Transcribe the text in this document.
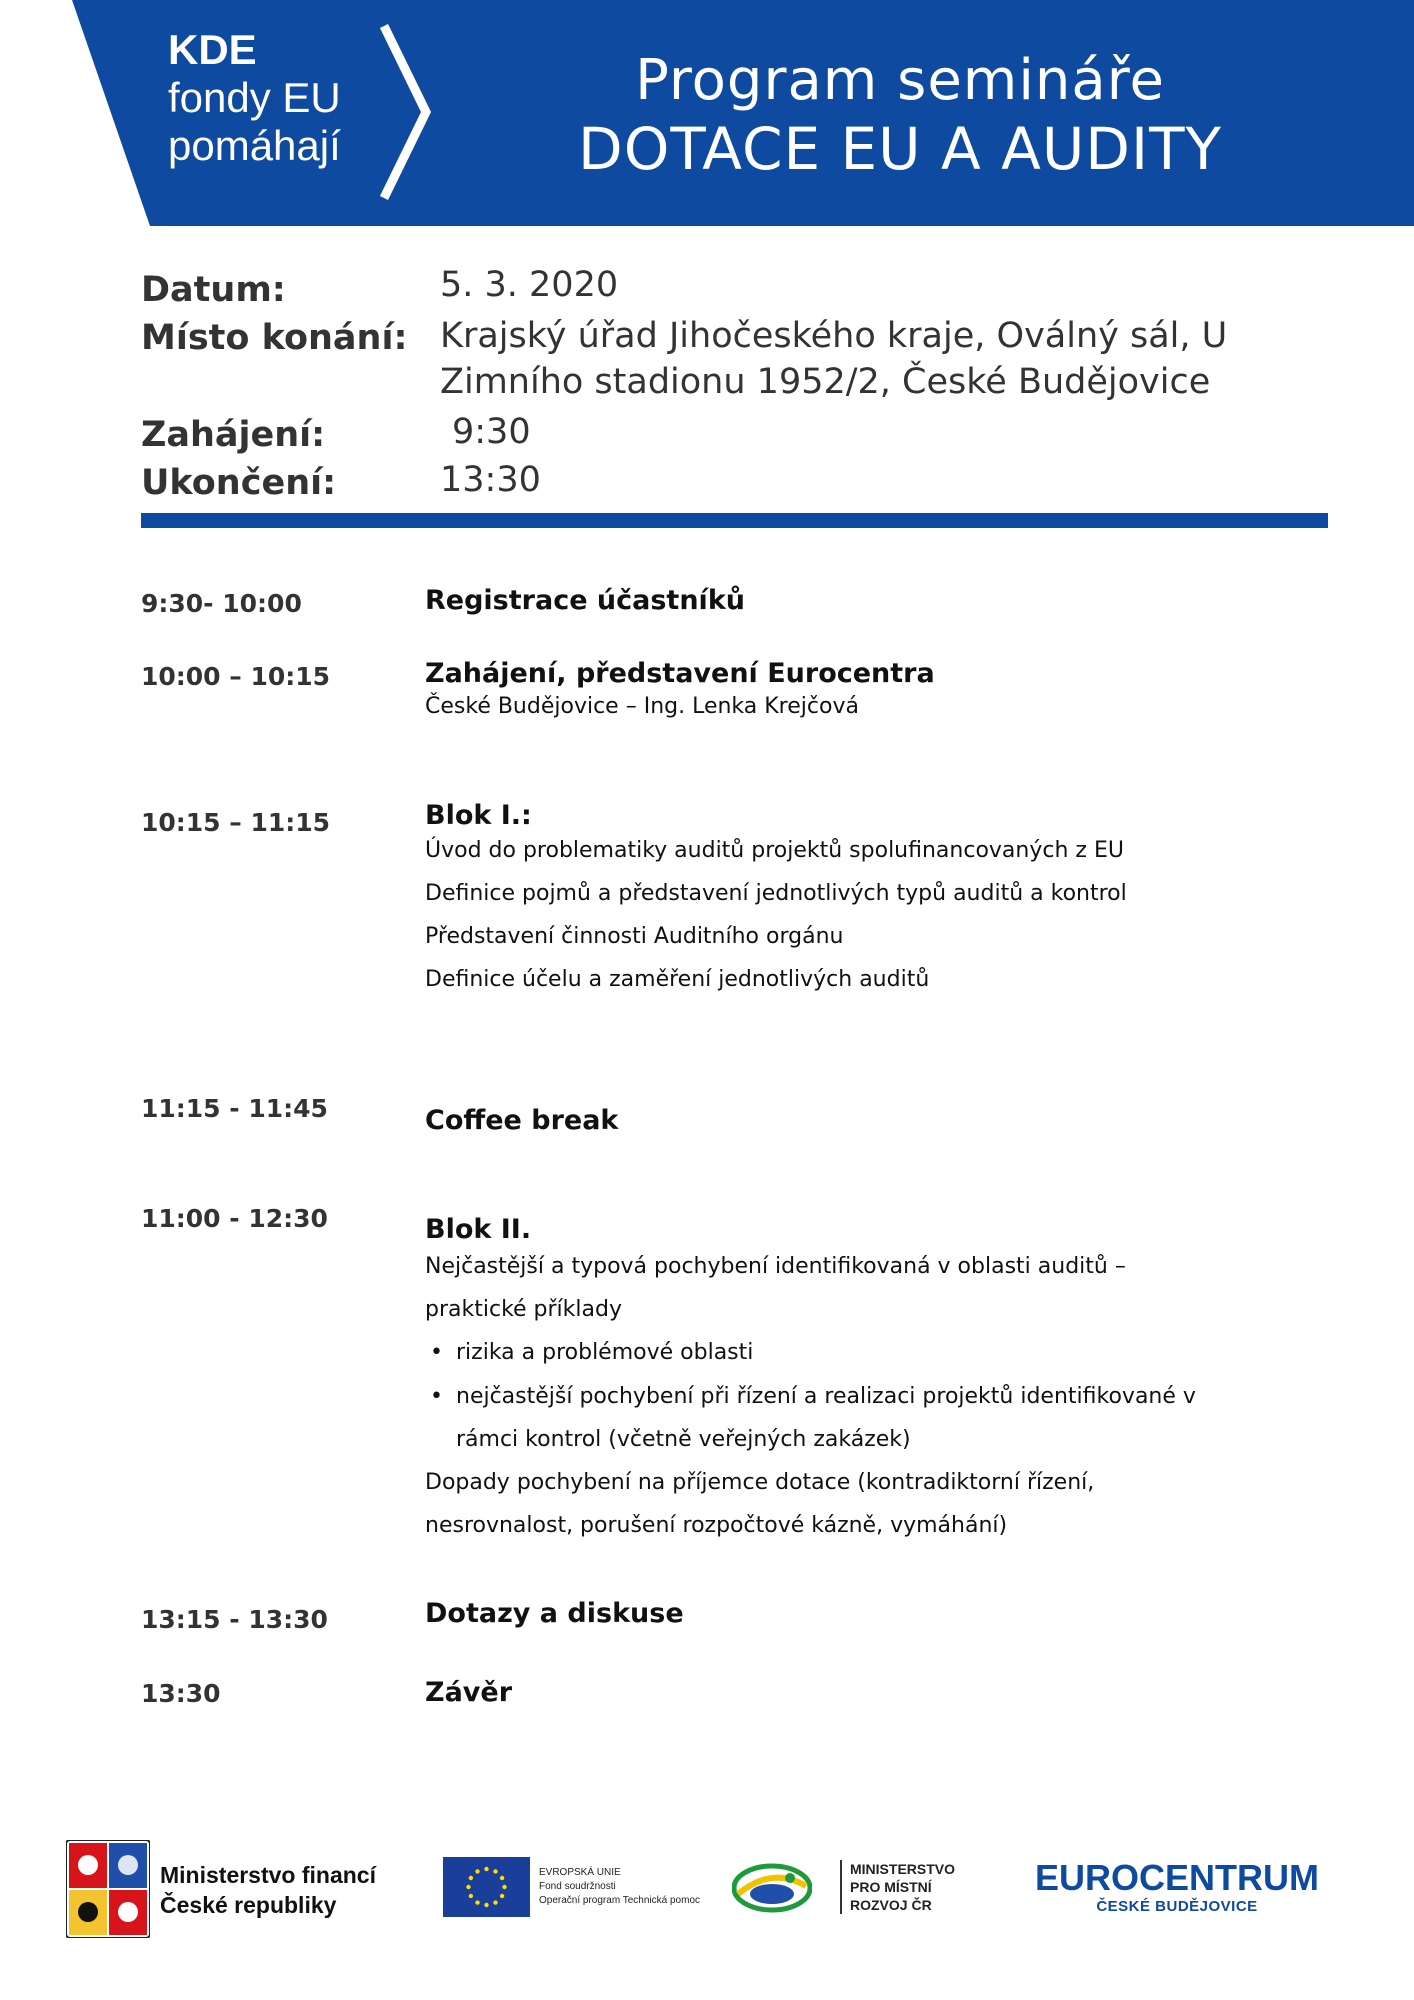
KDE
fondy EU
pomáhají
Program semináře
DOTACE EU A AUDITY
Datum:	5. 3. 2020
Místo konání: Krajský úřad Jihočeského kraje, Oválný sál, U
Zimního stadionu 1952/2, České Budějovice
Zahájení:	9:30
Ukončení:	13:30
9:30- 10:00	Registrace účastníků
10:00 – 10:15	Zahájení, představení Eurocentra
České Budějovice – Ing. Lenka Krejčová
10:15 – 11:15	Blok I.:
Úvod do problematiky auditů projektů spolufinancovaných z EU
Definice pojmů a představení jednotlivých typů auditů a kontrol
Představení činnosti Auditního orgánu
Definice účelu a zaměření jednotlivých auditů
11:15 - 11:45	Coffee break
11:00 - 12:30	Blok II.
Nejčastější a typová pochybení identifikovaná v oblasti auditů –
praktické příklady
• rizika a problémové oblasti
• nejčastější pochybení při řízení a realizaci projektů identifikované v
rámci kontrol (včetně veřejných zakázek)
Dopady pochybení na příjemce dotace (kontradiktorní řízení,
nesrovnalost, porušení rozpočtové kázně, vymáhání)
13:15 - 13:30	Dotazy a diskuse
13:30	Závěr
Ministerstvo financí
České republiky
EVROPSKÁ UNIE
Fond soudržnosti
Operační program Technická pomoc
MINISTERSTVO
PRO MÍSTNÍ
ROZVOJ ČR
EUROCENTRUM
ČESKÉ BUDĚJOVICE
